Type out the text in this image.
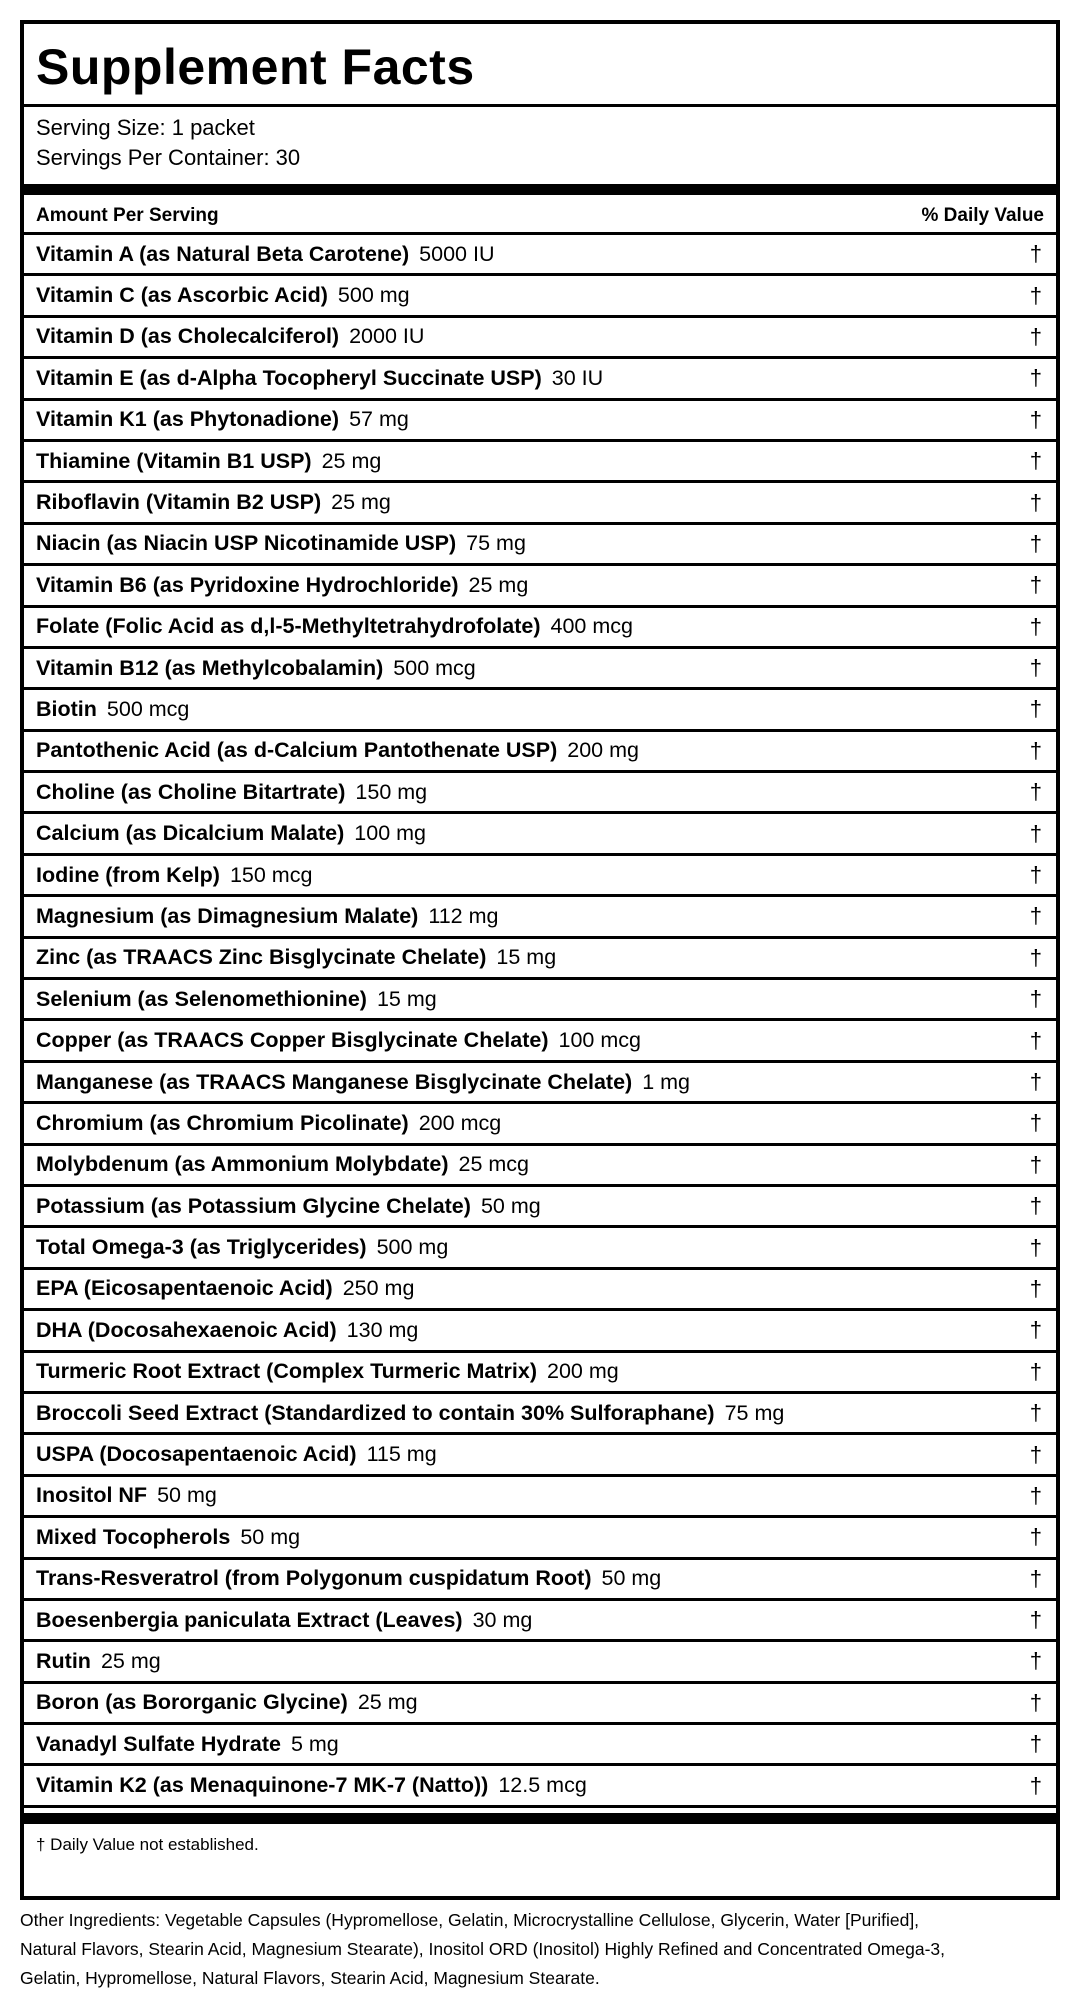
Supplement Facts
Serving Size: 1 packet
Servings Per Container: 30
Amount Per Serving	% Daily Value
Vitamin A (as Natural Beta Carotene) 5000 IU	†
Vitamin C (as Ascorbic Acid) 500 mg	†
Vitamin D (as Cholecalciferol) 2000 IU	†
Vitamin E (as d-Alpha Tocopheryl Succinate USP) 30 IU	†
Vitamin K1 (as Phytonadione) 57 mg	†
Thiamine (Vitamin B1 USP) 25 mg	†
Riboflavin (Vitamin B2 USP) 25 mg	†
Niacin (as Niacin USP Nicotinamide USP) 75 mg	†
Vitamin B6 (as Pyridoxine Hydrochloride) 25 mg	†
Folate (Folic Acid as d,l-5-Methyltetrahydrofolate) 400 mcg	†
Vitamin B12 (as Methylcobalamin) 500 mcg	†
Biotin 500 mcg	†
Pantothenic Acid (as d-Calcium Pantothenate USP) 200 mg	†
Choline (as Choline Bitartrate) 150 mg	†
Calcium (as Dicalcium Malate) 100 mg	†
Iodine (from Kelp) 150 mcg	†
Magnesium (as Dimagnesium Malate) 112 mg	†
Zinc (as TRAACS Zinc Bisglycinate Chelate) 15 mg	†
Selenium (as Selenomethionine) 15 mg	†
Copper (as TRAACS Copper Bisglycinate Chelate) 100 mcg	†
Manganese (as TRAACS Manganese Bisglycinate Chelate) 1 mg	†
Chromium (as Chromium Picolinate) 200 mcg	†
Molybdenum (as Ammonium Molybdate) 25 mcg	†
Potassium (as Potassium Glycine Chelate) 50 mg	†
Total Omega-3 (as Triglycerides) 500 mg	†
EPA (Eicosapentaenoic Acid) 250 mg	†
DHA (Docosahexaenoic Acid) 130 mg	†
Turmeric Root Extract (Complex Turmeric Matrix) 200 mg	†
Broccoli Seed Extract (Standardized to contain 30% Sulforaphane) 75 mg	†
USPA (Docosapentaenoic Acid) 115 mg	†
Inositol NF 50 mg	†
Mixed Tocopherols 50 mg	†
Trans-Resveratrol (from Polygonum cuspidatum Root) 50 mg	†
Boesenbergia paniculata Extract (Leaves) 30 mg	†
Rutin 25 mg	†
Boron (as Bororganic Glycine) 25 mg	†
Vanadyl Sulfate Hydrate 5 mg	†
Vitamin K2 (as Menaquinone-7 MK-7 (Natto)) 12.5 mcg	†
† Daily Value not established.
Other Ingredients: Vegetable Capsules (Hypromellose, Gelatin, Microcrystalline Cellulose, Glycerin, Water [Purified],
Natural Flavors, Stearin Acid, Magnesium Stearate), Inositol ORD (Inositol) Highly Refined and Concentrated Omega-3,
Gelatin, Hypromellose, Natural Flavors, Stearin Acid, Magnesium Stearate.
